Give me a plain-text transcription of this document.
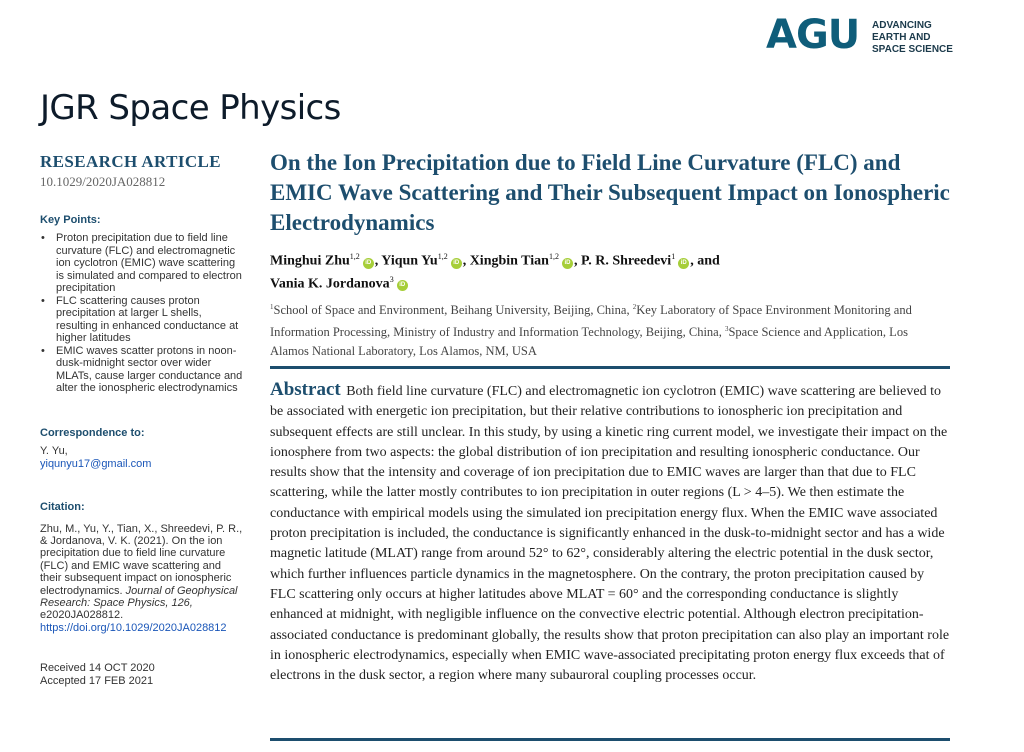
AGU ADVANCING
EARTH AND
SPACE SCIENCE
JGR Space Physics
RESEARCH ARTICLE
10.1029/2020JA028812
Key Points:
• Proton precipitation due to field line curvature (FLC) and electromagnetic ion cyclotron (EMIC) wave scattering is simulated and compared to electron precipitation
• FLC scattering causes proton precipitation at larger L shells, resulting in enhanced conductance at higher latitudes
• EMIC waves scatter protons in noon-dusk-midnight sector over wider MLATs, cause larger conductance and alter the ionospheric electrodynamics
Correspondence to:
Y. Yu,
yiqunyu17@gmail.com
Citation:
Zhu, M., Yu, Y., Tian, X., Shreedevi, P. R., & Jordanova, V. K. (2021). On the ion precipitation due to field line curvature (FLC) and EMIC wave scattering and their subsequent impact on ionospheric electrodynamics. Journal of Geophysical Research: Space Physics, 126, e2020JA028812. https://doi.org/10.1029/2020JA028812
Received 14 OCT 2020
Accepted 17 FEB 2021
On the Ion Precipitation due to Field Line Curvature (FLC) and EMIC Wave Scattering and Their Subsequent Impact on Ionospheric Electrodynamics
Minghui Zhu$^{1,2}$iD , Yiqun Yu$^{1,2}$iD , Xingbin Tian$^{1,2}$iD , P. R. Shreedevi$^1$iD , and
Vania K. Jordanova$^3$iD
$^1$School of Space and Environment, Beihang University, Beijing, China, $^2$Key Laboratory of Space Environment Monitoring and Information Processing, Ministry of Industry and Information Technology, Beijing, China, $^3$Space Science and Application, Los Alamos National Laboratory, Los Alamos, NM, USA
Abstract Both field line curvature (FLC) and electromagnetic ion cyclotron (EMIC) wave scattering are believed to be associated with energetic ion precipitation, but their relative contributions to ionospheric ion precipitation and subsequent effects are still unclear. In this study, by using a kinetic ring current model, we investigate their impact on the ionosphere from two aspects: the global distribution of ion precipitation and resulting ionospheric conductance. Our results show that the intensity and coverage of ion precipitation due to EMIC waves are larger than that due to FLC scattering, while the latter mostly contributes to ion precipitation in outer regions (L > 4–5). We then estimate the conductance with empirical models using the simulated ion precipitation energy flux. When the EMIC wave associated proton precipitation is included, the conductance is significantly enhanced in the dusk-to-midnight sector and has a wide magnetic latitude (MLAT) range from around 52° to 62°, considerably altering the electric potential in the dusk sector, which further influences particle dynamics in the magnetosphere. On the contrary, the proton precipitation caused by FLC scattering only occurs at higher latitudes above MLAT = 60° and the corresponding conductance is slightly enhanced at midnight, with negligible influence on the convective electric potential. Although electron precipitation-associated conductance is predominant globally, the results show that proton precipitation can also play an important role in ionospheric electrodynamics, especially when EMIC wave-associated precipitating proton energy flux exceeds that of electrons in the dusk sector, a region where many subauroral coupling processes occur.
